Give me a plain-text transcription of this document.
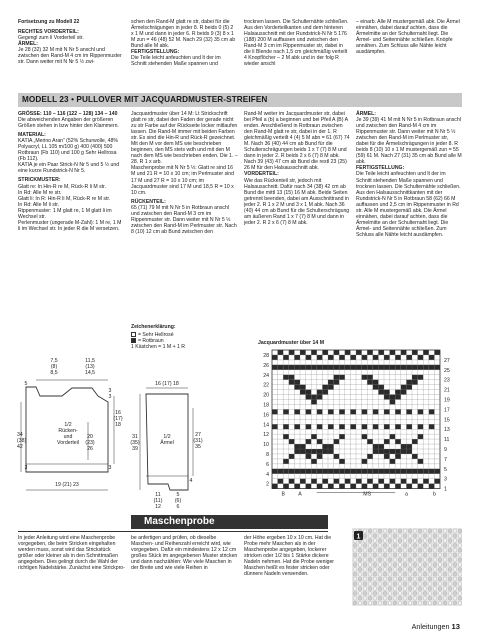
Fortsetzung zu Modell 22

RECHTES VORDERTEIL:

Gegengl zum li Vorderteil str.

ÄRMEL:

Je 28 (32) 32 M mit N Nr 5 anschl und zwischen den Rand-M 4 cm im Rippenmuster str. Dann weiter mit N Nr 5 ½ zwi-

schen den Rand-M glatt re str, dabei für die Ärmelschrägungen in jeder 8. R beids 0 (5) 2 x 1 M und dann in jeder 6. R beids 9 (3) 8 x 1 M zun = 46 (48) 52 M. Nach 29 (32) 35 cm ab Bund alle M abk.

FERTIGSTELLUNG:

Die Teile leicht anfeuchten und lt der im Schnitt stehenden Maße spannen und

trocknen lassen. Die Schulternähte schließen. Aus den Vorderteilkanten und dem hinteren Halsausschnitt mit der Rundstrick-N Nr 5 176 (188) 200 M auffassen und zwischen den Rand-M 3 cm im Rippenmuster str, dabei in die li Blende nach 1,5 cm gleichmäßig verteilt 4 Knopflöcher – 2 M abk und in der folg R wieder anschl

– einarb. Alle M mustergemäß abk. Die Ärmel einnähen, dabei darauf achten, dass die Ärmelmitte an der Schulternaht liegt. Die Ärmel- und Seitennähte schließen. Knöpfe annähen. Zum Schluss alle Nähte leicht ausdämpfen.

MODELL 23 • PULLOVER MIT JACQUARDMUSTER-STREIFEN

GRÖSSE: 110 – 116 (122 – 128) 134 – 140

Die abweichenden Angaben der größeren Größen stehen in bzw hinter den Klammern.

MATERIAL:

KATIA „Merino Aran“ (52% Schurwolle, 48% Polyacryl, LL 105 m/100 g) 400 (400) 500 Rotbraun (Fb 110) und 100 g Sehr Hellrosa (Fb 112).

KATIA je ein Paar Strick-N Nr 5 und 5 ½ und eine kurze Rundstrick-N Nr 5.

STRICKMUSTER:

Glatt re: In Hin-R re M, Rück-R li M str.

In Rd: Alle M re str.

Glatt li: In R: Hin-R li M, Rück-R re M str.

In Rd: Alle M li str.

Rippenmuster: 1 M glatt re, 1 M glatt li im Wechsel str.

Perlenmuster (ungerade M-Zahl): 1 M re, 1 M li im Wechsel str. In jeder R die M versetzen.

Jacquardmuster über 14 M: Lt Strickschrift glatt re str, dabei den Faden der gerade nicht zu str Farbe auf der Rückseite locker mitlaufen lassen. Die Rand-M immer mit beiden Farben str. Es sind die Hin-R und Rück-R gezeichnet. Mit den M vor dem MS wie beschrieben beginnen, den MS stets wdh und mit den M nach dem MS wie beschrieben enden. Die 1. – 28. R 1 x arb.

Maschenprobe mit N Nr 5 ½: Glatt re sind 16 M und 21 R = 10 x 10 cm; im Perlmuster sind 17 M und 27 R = 10 x 10 cm; im Jacquardmuster sind 17 M und 18,5 R = 10 x 10 cm.

RÜCKENTEIL:

65 (71) 79 M mit N Nr 5 in Rotbraun anschl und zwischen den Rand-M 3 cm im Rippenmuster str. Dann weiter mit N Nr 5 ½ zwischen den Rand-M im Perlmuster str. Nach 8 (10) 12 cm ab Bund zwischen den

Rand-M weiter im Jacquardmuster str, dabei bei Pfeil a (b) a beginnen und bei Pfeil A (B) A enden. Anschließend in Rotbraun zwischen den Rand-M glatt re str, dabei in der 1. R gleichmäßig verteilt 4 (4) 5 M abn = 61 (67) 74 M. Nach 36 (40) 44 cm ab Bund für die Schulterschrägungen beids 1 x 7 (7) 8 M und dann in jeder 2. R beids 2 x 6 (7) 8 M abk. Nach 39 (43) 47 cm ab Bund die restl 23 (25) 26 M für den Halsausschnitt abk.

VORDERTEIL:

Wie das Rückenteil str, jedoch mit Halsausschnitt. Dafür nach 34 (38) 42 cm ab Bund die mittl 13 (15) 16 M abk. Beide Seiten getrennt beenden, dabei am Ausschnittrand in jeder 2. R 1 x 2 M und 3 x 1 M abk. Nach 36 (40) 44 cm ab Bund für die Schulterschrägung am äußeren Rand 1 x 7 (7) 8 M und dann in jeder 2. R 2 x 6 (7) 8 M abk.

ÄRMEL:

Je 39 (39) 41 M mit N Nr 5 in Rotbraun anschl und zwischen den Rand-M 4 cm im Rippenmuster str. Dann weiter mit N Nr 5 ½ zwischen den Rand-M im Perlmuster str, dabei für die Ärmelschrägungen in jeder 8. R beids 8 (10) 10 x 1 M mustergemäß zun = 55 (59) 61 M. Nach 27 (31) 35 cm ab Bund alle M abk.

FERTIGSTELLUNG:

Die Teile leicht anfeuchten und lt der im Schnitt stehenden Maße spannen und trocknen lassen. Die Schulternähte schließen. Aus den Halsausschnittkanten mit der Rundstrick-N Nr 5 in Rotbraun 58 (62) 66 M auffassen und 2,5 cm im Rippenmuster in Rd str. Alle M mustergemäß abk. Die Ärmel einnähen, dabei darauf achten, dass die Ärmelmitte an der Schulternaht liegt. Die Ärmel- und Seitennähte schließen. Zum Schluss alle Nähte leicht ausdämpfen.

Zeichenerklärung:

= Sehr Hellrosé

= Rotbraun

1 Kästchen = 1 M + 1 R

7,5
(8)
8,5
11,5
(13)
14,5
5
3
3
34
(38)
42
16
(17)
18
1/2
Rücken-
und
Vorderteil
20
(23)
26
3
3
19 (21) 23
16 (17) 18
31
(35)
39
27
(31)
35
1/2
Ärmel
4
11
(11)
12
5
(6)
6
Jacquardmuster über 14 M
28
26
24
22
20
18
16
14
12
10
8
6
4
2
27
25
23
21
19
17
15
13
11
9
7
5
3
1
B	A	MS	a	b
Maschenprobe

In jeder Anleitung wird eine Maschenprobe vorgegeben, die beim Stricken eingehalten werden muss, sonst wird das Strickstück größer oder kleiner als in den Schnittmaßen angegeben. Dies gelingt durch die Wahl der richtigen Nadelstärke. Zunächst eine Strickpro-

be anfertigen und prüfen, ob dieselbe Maschen- und Reihenzahl erreicht wird, wie vorgegeben. Dafür ein mindestens 12 x 12 cm großes Stück im angegebenen Muster stricken und dann nachzählen: Wie viele Maschen in der Breite und wie viele Reihen in

der Höhe ergeben 10 x 10 cm. Hat die Probe mehr Maschen als in der Maschenprobe angegeben, lockerer stricken oder 1/2 bis 1 Stärke dickere Nadeln nehmen. Hat die Probe weniger Maschen heißt es fester stricken oder dünnere Nadeln verwenden.

1
Anleitungen 13
